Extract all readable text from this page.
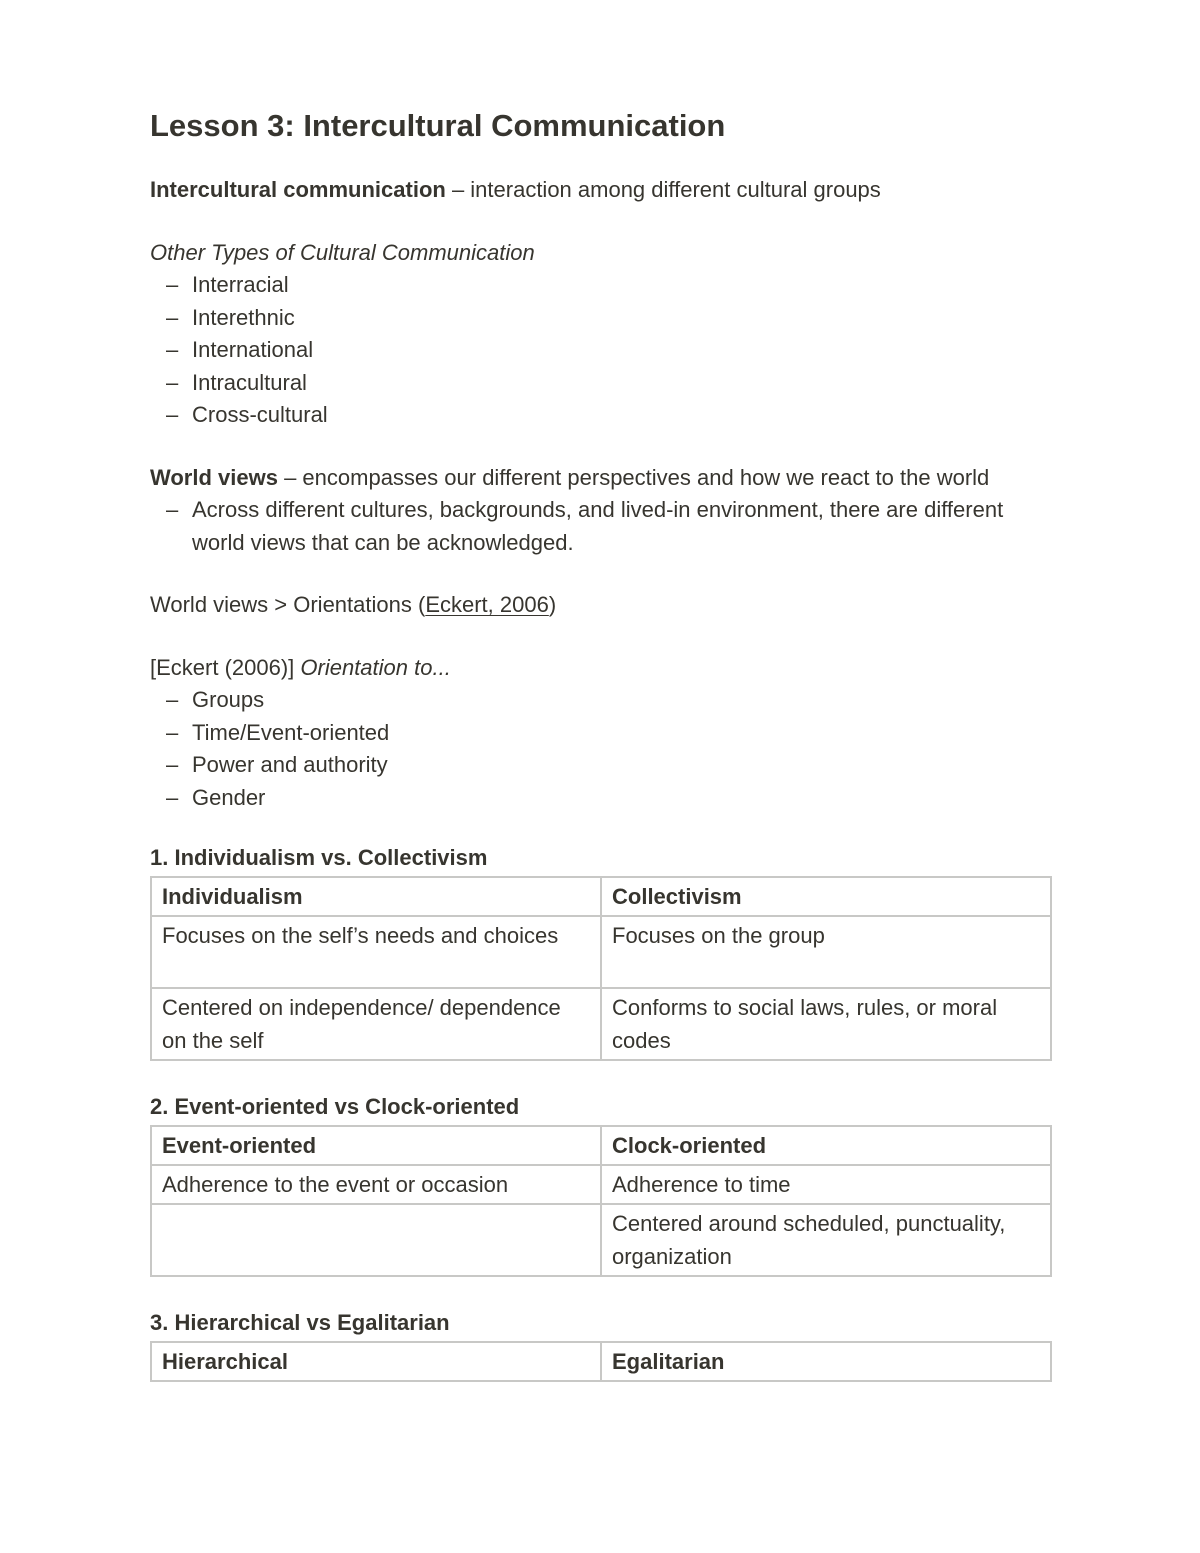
Lesson 3: Intercultural Communication

Intercultural communication – interaction among different cultural groups

Other Types of Cultural Communication

– Interracial
– Interethnic
– International
– Intracultural
– Cross-cultural

World views – encompasses our different perspectives and how we react to the world

– Across different cultures, backgrounds, and lived-in environment, there are different world views that can be acknowledged.

World views > Orientations (Eckert, 2006)

[Eckert (2006)] Orientation to...

– Groups
– Time/Event-oriented
– Power and authority
– Gender

1. Individualism vs. Collectivism

Individualism	Collectivism
Focuses on the self’s needs and choices	Focuses on the group
Centered on independence/ dependence on the self	Conforms to social laws, rules, or moral codes

2. Event-oriented vs Clock-oriented

Event-oriented	Clock-oriented
Adherence to the event or occasion	Adherence to time
	Centered around scheduled, punctuality, organization

3. Hierarchical vs Egalitarian

Hierarchical	Egalitarian
